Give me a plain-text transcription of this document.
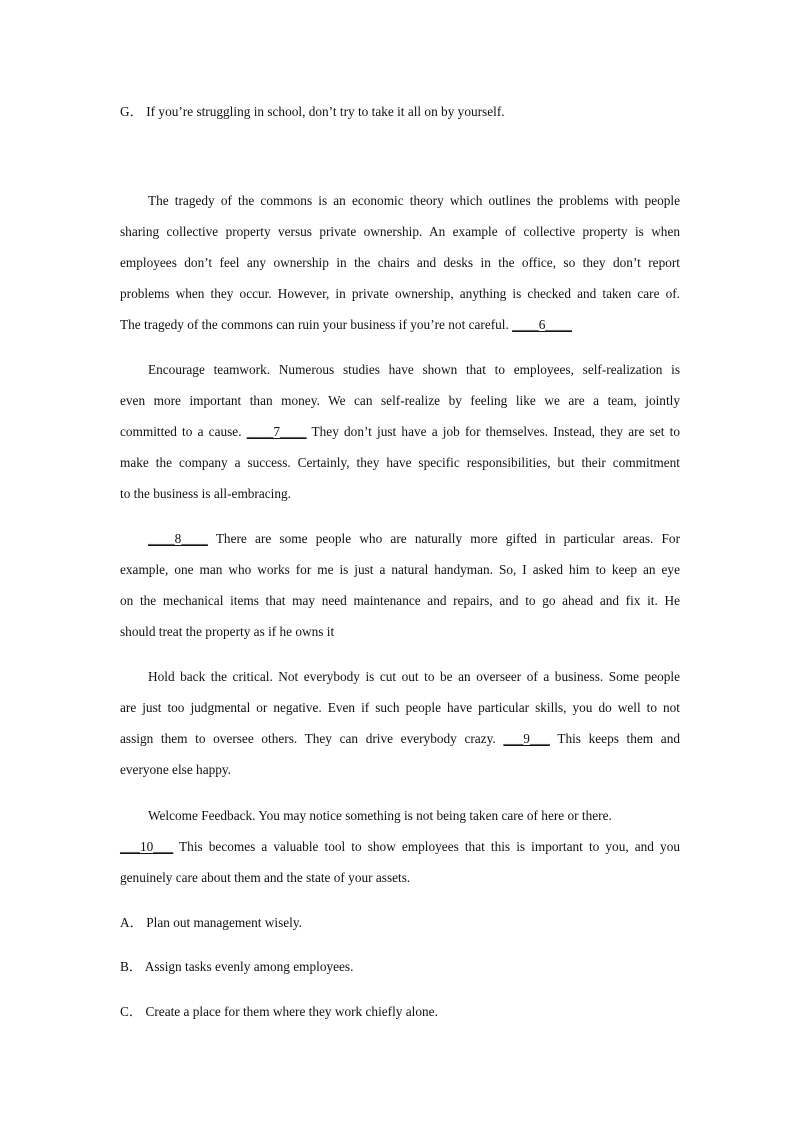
G． If you’re struggling in school, don’t try to take it all on by yourself.
The tragedy of the commons is an economic theory which outlines the problems with people
sharing collective property versus private ownership. An example of collective property is when
employees don’t feel any ownership in the chairs and desks in the office, so they don’t report
problems when they occur. However, in private ownership, anything is checked and taken care of.
The tragedy of the commons can ruin your business if you’re not careful. ____6____
Encourage teamwork. Numerous studies have shown that to employees, self-realization is
even more important than money. We can self-realize by feeling like we are a team, jointly
committed to a cause. ____7____ They don’t just have a job for themselves. Instead, they are set to
make the company a success. Certainly, they have specific responsibilities, but their commitment
to the business is all-embracing.
____8____ There are some people who are naturally more gifted in particular areas. For
example, one man who works for me is just a natural handyman. So, I asked him to keep an eye
on the mechanical items that may need maintenance and repairs, and to go ahead and fix it. He
should treat the property as if he owns it
Hold back the critical. Not everybody is cut out to be an overseer of a business. Some people
are just too judgmental or negative. Even if such people have particular skills, you do well to not
assign them to oversee others. They can drive everybody crazy. ___9___ This keeps them and
everyone else happy.
Welcome Feedback. You may notice something is not being taken care of here or there.
___10___ This becomes a valuable tool to show employees that this is important to you, and you
genuinely care about them and the state of your assets.
A． Plan out management wisely.
B． Assign tasks evenly among employees.
C． Create a place for them where they work chiefly alone.
